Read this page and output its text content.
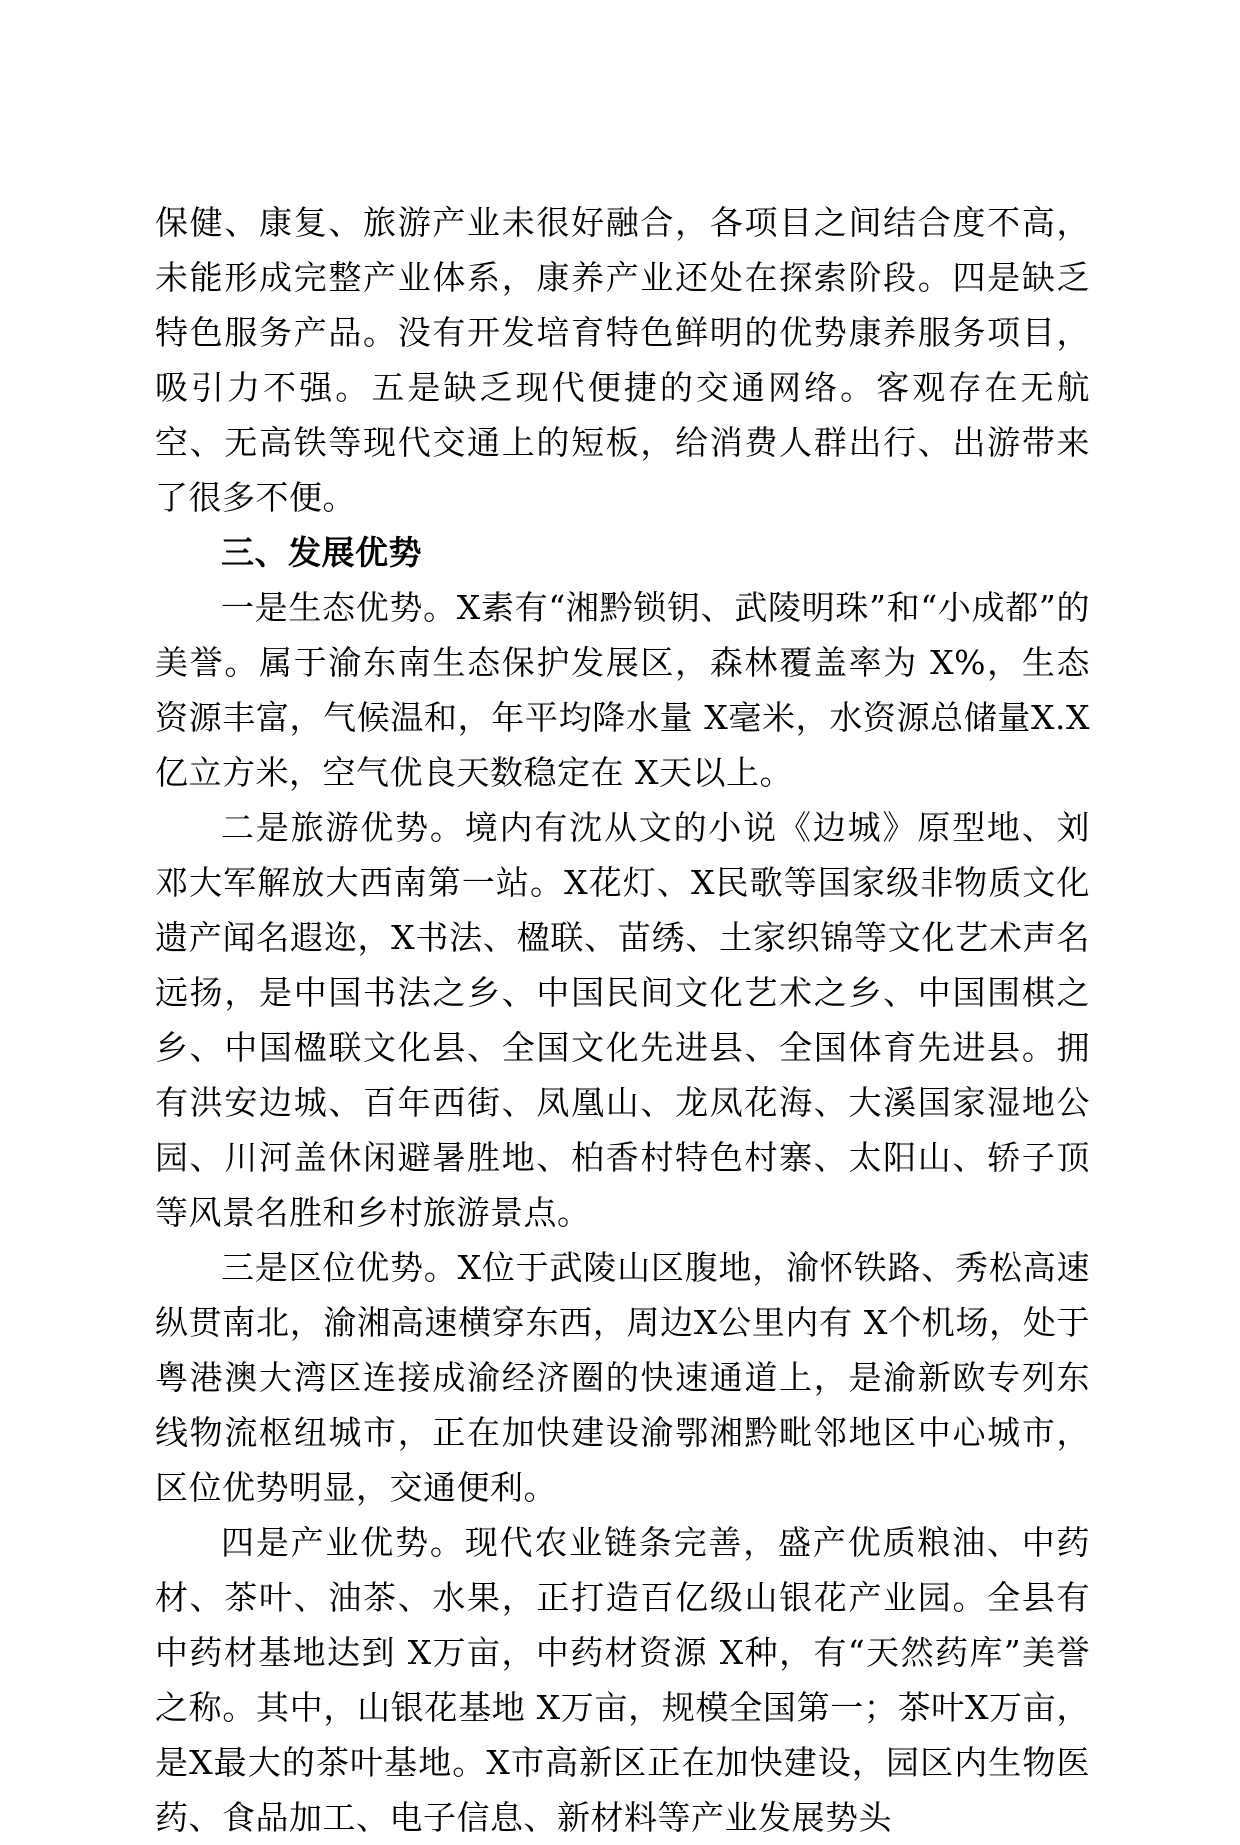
保健、康复、旅游产业未很好融合，各项目之间结合度不高，未能形成完整产业体系，康养产业还处在探索阶段。四是缺乏特色服务产品。没有开发培育特色鲜明的优势康养服务项目，吸引力不强。五是缺乏现代便捷的交通网络。客观存在无航空、无高铁等现代交通上的短板，给消费人群出行、出游带来了很多不便。

三、发展优势

一是生态优势。X素有“湘黔锁钥、武陵明珠”和“小成都”的美誉。属于渝东南生态保护发展区，森林覆盖率为 X%，生态资源丰富，气候温和，年平均降水量 X毫米，水资源总储量X.X亿立方米，空气优良天数稳定在 X天以上。

二是旅游优势。境内有沈从文的小说《边城》原型地、刘邓大军解放大西南第一站。X花灯、X民歌等国家级非物质文化遗产闻名遐迩，X书法、楹联、苗绣、土家织锦等文化艺术声名远扬，是中国书法之乡、中国民间文化艺术之乡、中国围棋之乡、中国楹联文化县、全国文化先进县、全国体育先进县。拥有洪安边城、百年西街、凤凰山、龙凤花海、大溪国家湿地公园、川河盖休闲避暑胜地、柏香村特色村寨、太阳山、轿子顶等风景名胜和乡村旅游景点。

三是区位优势。X位于武陵山区腹地，渝怀铁路、秀松高速纵贯南北，渝湘高速横穿东西，周边X公里内有 X个机场，处于粤港澳大湾区连接成渝经济圈的快速通道上，是渝新欧专列东线物流枢纽城市，正在加快建设渝鄂湘黔毗邻地区中心城市，区位优势明显，交通便利。

四是产业优势。现代农业链条完善，盛产优质粮油、中药材、茶叶、油茶、水果，正打造百亿级山银花产业园。全县有中药材基地达到 X万亩，中药材资源 X种，有“天然药库”美誉之称。其中，山银花基地 X万亩，规模全国第一；茶叶X万亩，是X最大的茶叶基地。X市高新区正在加快建设，园区内生物医药、食品加工、电子信息、新材料等产业发展势头
